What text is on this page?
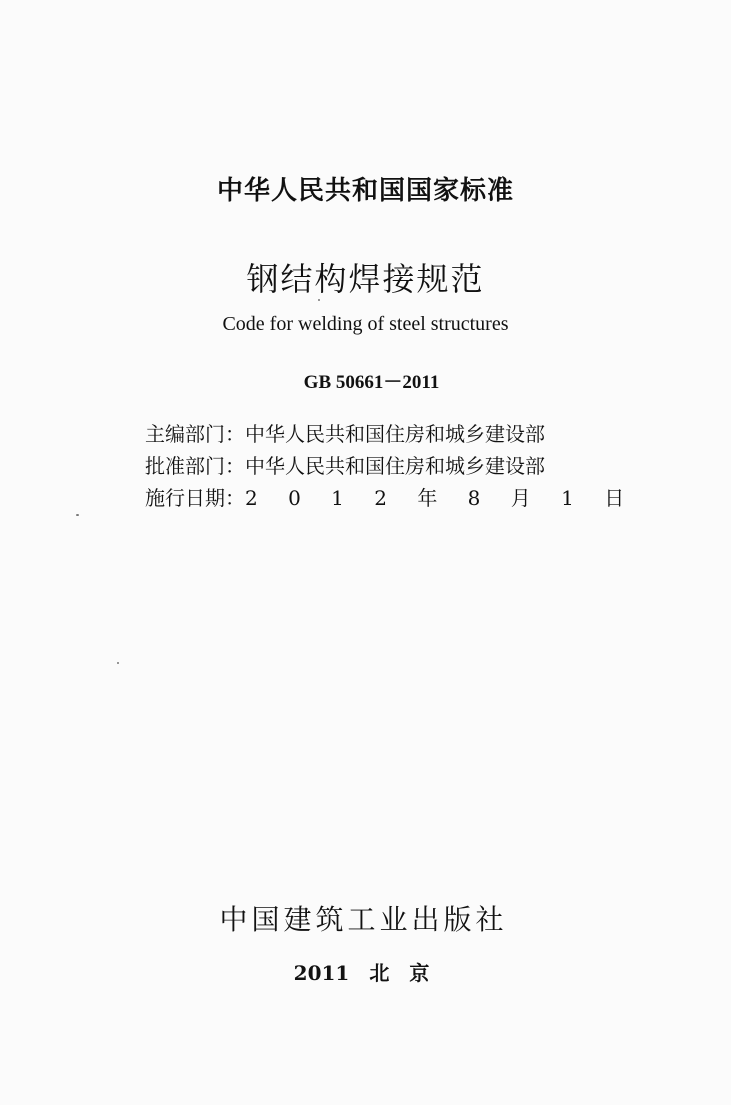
中华人民共和国国家标准
钢结构焊接规范
Code for welding of steel structures
GB 50661－2011
主编部门：中华人民共和国住房和城乡建设部
批准部门：中华人民共和国住房和城乡建设部
施行日期：2 0 1 2 年 8 月 1 日
中国建筑工业出版社
2011　北　京
